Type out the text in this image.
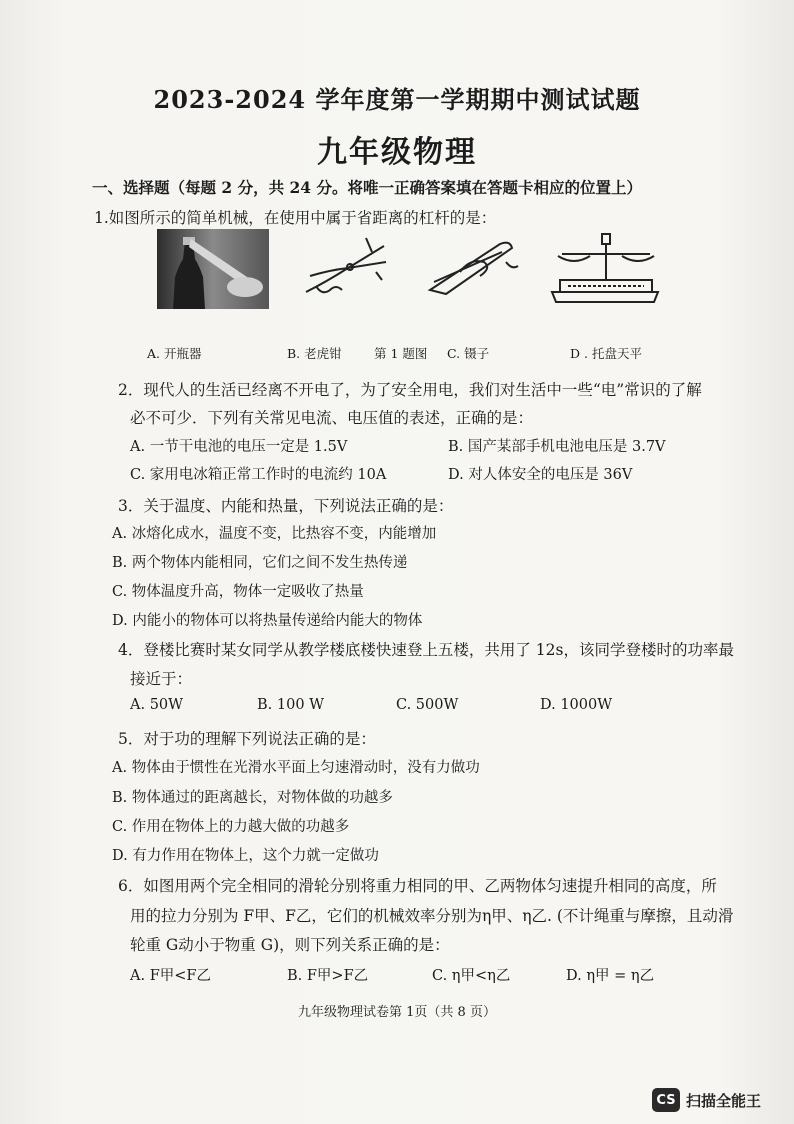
2023-2024 学年度第一学期期中测试试题
九年级物理
一、选择题（每题 2 分，共 24 分。将唯一正确答案填在答题卡相应的位置上）
1.如图所示的简单机械，在使用中属于省距离的杠杆的是：
A. 开瓶器	B. 老虎钳	第 1 题图 C. 镊子	D . 托盘天平
2．现代人的生活已经离不开电了，为了安全用电，我们对生活中一些“电”常识的了解
必不可少．下列有关常见电流、电压值的表述，正确的是：
A. 一节干电池的电压一定是 1.5V	B. 国产某部手机电池电压是 3.7V
C. 家用电冰箱正常工作时的电流约 10A	D. 对人体安全的电压是 36V
3．关于温度、内能和热量，下列说法正确的是：
A. 冰熔化成水，温度不变，比热容不变，内能增加
B. 两个物体内能相同，它们之间不发生热传递
C. 物体温度升高，物体一定吸收了热量
D. 内能小的物体可以将热量传递给内能大的物体
4．登楼比赛时某女同学从教学楼底楼快速登上五楼，共用了 12s，该同学登楼时的功率最
接近于：
A. 50W	B. 100 W	C. 500W	D. 1000W
5．对于功的理解下列说法正确的是：
A. 物体由于惯性在光滑水平面上匀速滑动时，没有力做功
B. 物体通过的距离越长，对物体做的功越多
C. 作用在物体上的力越大做的功越多
D. 有力作用在物体上，这个力就一定做功
6．如图用两个完全相同的滑轮分别将重力相同的甲、乙两物体匀速提升相同的高度，所
用的拉力分别为 F甲、F乙，它们的机械效率分别为η甲、η乙. (不计绳重与摩擦，且动滑
轮重 G动小于物重 G)，则下列关系正确的是：
A. F甲<F乙	B. F甲>F乙	C. η甲<η乙	D. η甲 = η乙
九年级物理试卷第 1页（共 8 页）
CS 扫描全能王
